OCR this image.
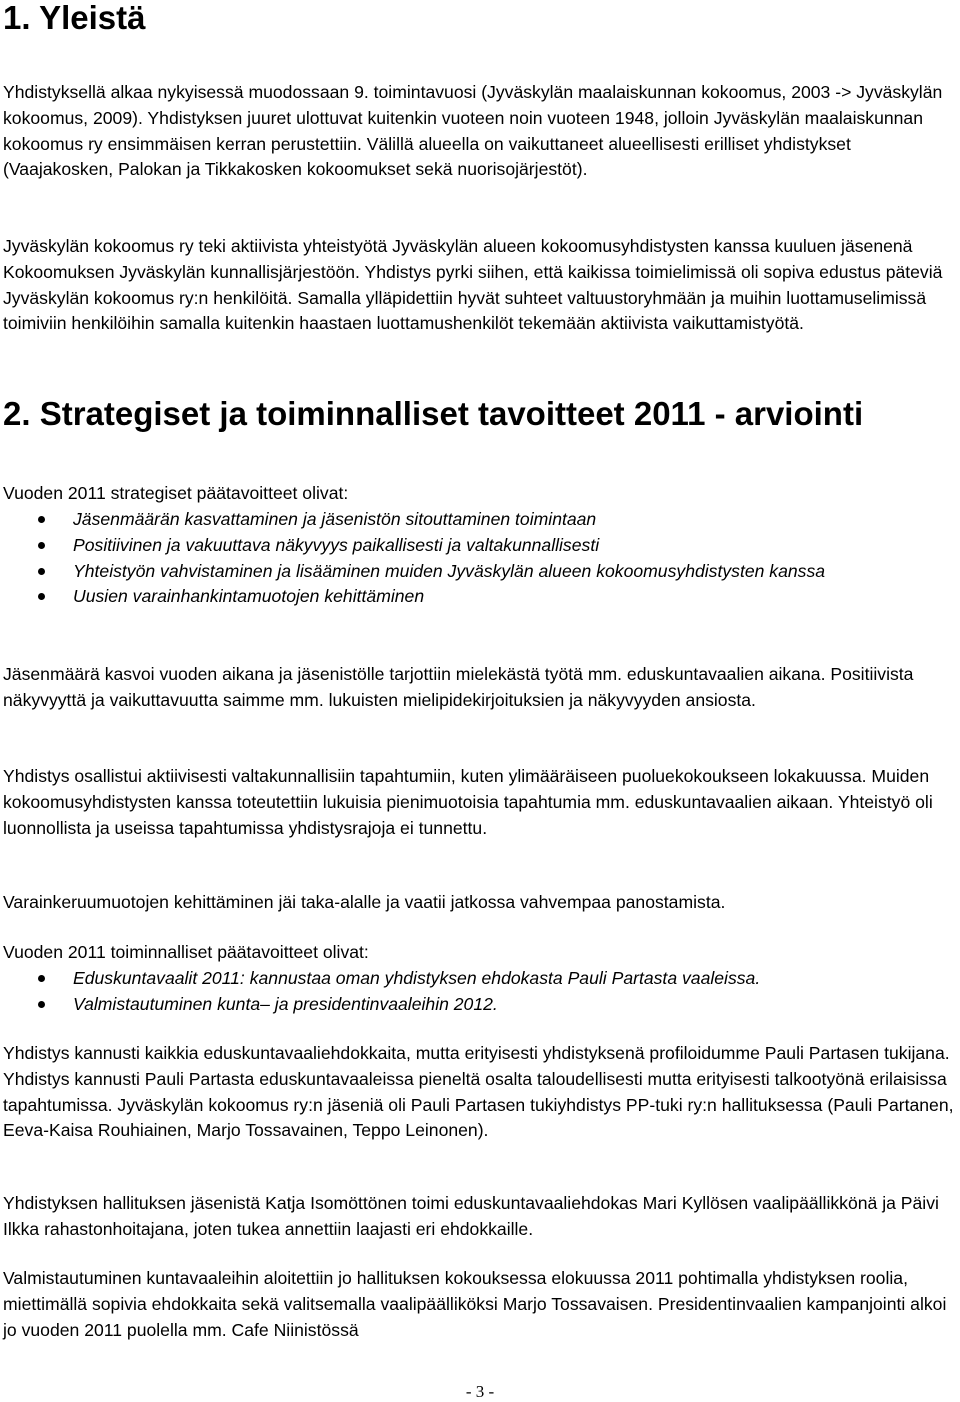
1. Yleistä

Yhdistyksellä alkaa nykyisessä muodossaan 9. toimintavuosi (Jyväskylän maalaiskunnan kokoomus, 2003 -> Jyväskylän kokoomus, 2009). Yhdistyksen juuret ulottuvat kuitenkin vuoteen noin vuoteen 1948, jolloin Jyväskylän maalaiskunnan kokoomus ry ensimmäisen kerran perustettiin. Välillä alueella on vaikuttaneet alueellisesti erilliset yhdistykset (Vaajakosken, Palokan ja Tikkakosken kokoomukset sekä nuorisojärjestöt).

Jyväskylän kokoomus ry teki aktiivista yhteistyötä Jyväskylän alueen kokoomusyhdistysten kanssa kuuluen jäsenenä Kokoomuksen Jyväskylän kunnallisjärjestöön. Yhdistys pyrki siihen, että kaikissa toimielimissä oli sopiva edustus päteviä Jyväskylän kokoomus ry:n henkilöitä. Samalla ylläpidettiin hyvät suhteet valtuustoryhmään ja muihin luottamuselimissä toimiviin henkilöihin samalla kuitenkin haastaen luottamushenkilöt tekemään aktiivista vaikuttamistyötä.

2. Strategiset ja toiminnalliset tavoitteet 2011 - arviointi

Vuoden 2011 strategiset päätavoitteet olivat:

Jäsenmäärän kasvattaminen ja jäsenistön sitouttaminen toimintaan
Positiivinen ja vakuuttava näkyvyys paikallisesti ja valtakunnallisesti
Yhteistyön vahvistaminen ja lisääminen muiden Jyväskylän alueen kokoomusyhdistysten kanssa
Uusien varainhankintamuotojen kehittäminen

Jäsenmäärä kasvoi vuoden aikana ja jäsenistölle tarjottiin mielekästä työtä mm. eduskuntavaalien aikana. Positiivista näkyvyyttä ja vaikuttavuutta saimme mm. lukuisten mielipidekirjoituksien ja näkyvyyden ansiosta.

Yhdistys osallistui aktiivisesti valtakunnallisiin tapahtumiin, kuten ylimääräiseen puoluekokoukseen lokakuussa. Muiden kokoomusyhdistysten kanssa toteutettiin lukuisia pienimuotoisia tapahtumia mm. eduskuntavaalien aikaan. Yhteistyö oli luonnollista ja useissa tapahtumissa yhdistysrajoja ei tunnettu.

Varainkeruumuotojen kehittäminen jäi taka-alalle ja vaatii jatkossa vahvempaa panostamista.

Vuoden 2011 toiminnalliset päätavoitteet olivat:

Eduskuntavaalit 2011: kannustaa oman yhdistyksen ehdokasta Pauli Partasta vaaleissa.
Valmistautuminen kunta– ja presidentinvaaleihin 2012.

Yhdistys kannusti kaikkia eduskuntavaaliehdokkaita, mutta erityisesti yhdistyksenä profiloidumme Pauli Partasen tukijana. Yhdistys kannusti Pauli Partasta eduskuntavaaleissa pieneltä osalta taloudellisesti mutta erityisesti talkootyönä erilaisissa tapahtumissa. Jyväskylän kokoomus ry:n jäseniä oli Pauli Partasen tukiyhdistys PP-tuki ry:n hallituksessa (Pauli Partanen, Eeva-Kaisa Rouhiainen, Marjo Tossavainen, Teppo Leinonen).

Yhdistyksen hallituksen jäsenistä Katja Isomöttönen toimi eduskuntavaaliehdokas Mari Kyllösen vaalipäällikkönä ja Päivi Ilkka rahastonhoitajana, joten tukea annettiin laajasti eri ehdokkaille.

Valmistautuminen kuntavaaleihin aloitettiin jo hallituksen kokouksessa elokuussa 2011 pohtimalla yhdistyksen roolia, miettimällä sopivia ehdokkaita sekä valitsemalla vaalipäälliköksi Marjo Tossavaisen. Presidentinvaalien kampanjointi alkoi jo vuoden 2011 puolella mm. Cafe Niinistössä

- 3 -
